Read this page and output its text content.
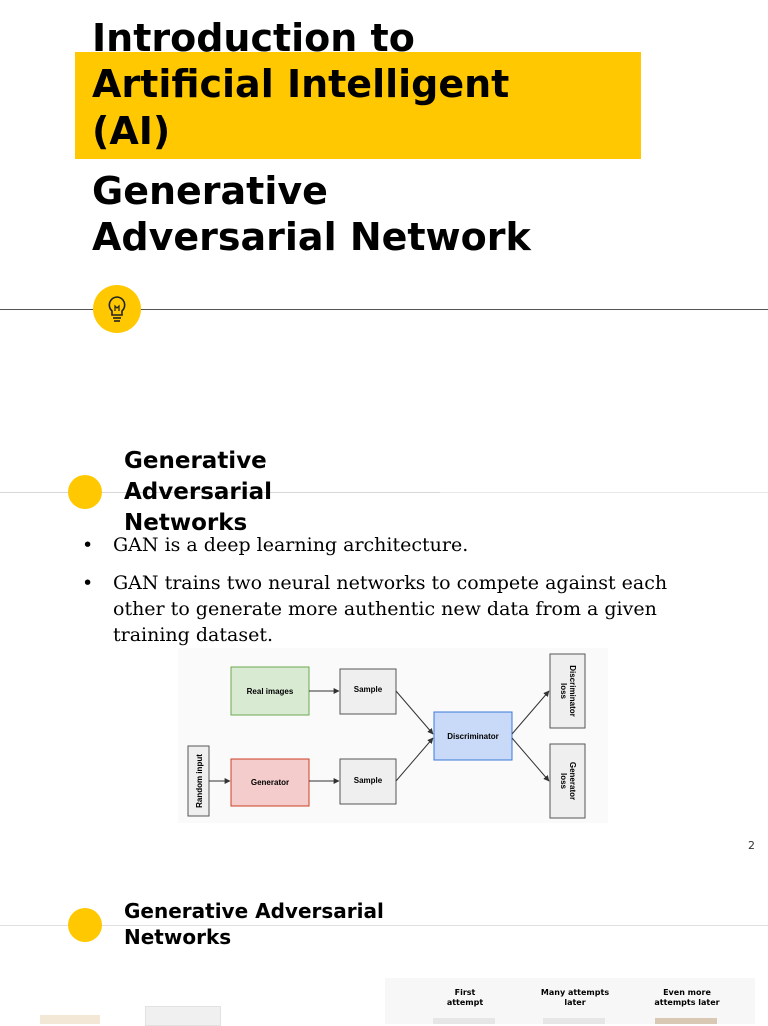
Introduction to
Artificial Intelligent
(AI)
Generative
Adversarial Network
Generative
Adversarial
Networks
• GAN is a deep learning architecture.
• GAN trains two neural networks to compete against each other to generate more authentic new data from a given training dataset.
Real images	Sample
Random input	Generator	Sample
Discriminator
Discriminator
loss
Generator
loss
2
Generative Adversarial
Networks
First
attempt
Many attempts
later
Even more
attempts later
